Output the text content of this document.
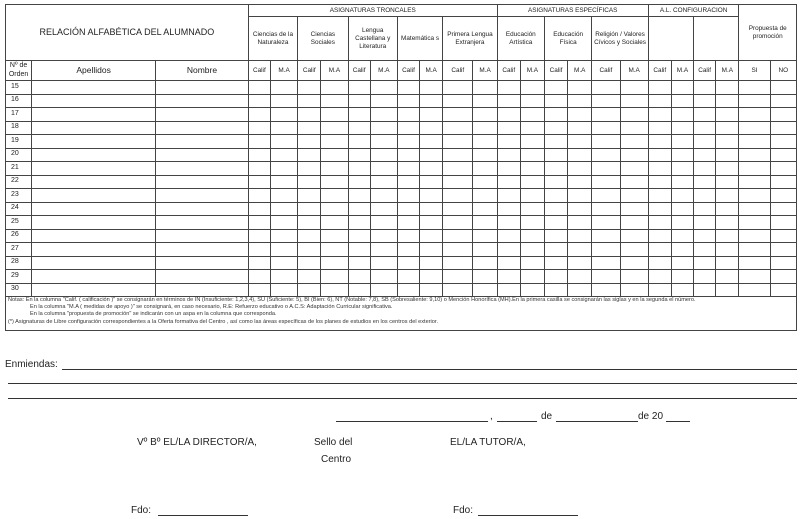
RELACIÓN ALFABÉTICA DEL ALUMNADO			ASIGNATURAS TRONCALES										ASIGNATURAS ESPECÍFICAS						A.L. CONFIGURACION				Propuesta de promoción	
			Ciencias de la Naturaleza		Ciencias Sociales		Lengua Castellana y Literatura		Matemática s		Primera Lengua Extranjera		Educación Artística		Educación Física		Religión / Valores Cívicos y Sociales							
Nº de Orden	Apellidos	Nombre	Calif	M.A	Calif	M.A	Calif	M.A	Calif	M.A	Calif	M.A	Calif	M.A	Calif	M.A	Calif	M.A	Calif	M.A	Calif	M.A	SI	NO
15																								
16																								
17																								
18																								
19																								
20																								
21																								
22																								
23																								
24																								
25																								
26																								
27																								
28																								
29																								
30																								
Notas: En la columna "Calif. ( calificación )" se consignarán en términos de IN (Insuficiente: 1,2,3,4), SU (Suficiente: 5), BI (Bien: 6), NT (Notable: 7,8), SB (Sobresaliente: 9,10) o Mención Honorífica (MH).En la primera casilla se consignarán las siglas y en la segunda el número.
En la columna "M.A ( medidas de apoyo )" se consignará, en caso necesario, R.E: Refuerzo educativo o A.C.S: Adaptación Curricular significativa.
En la columna "propuesta de promoción" se indicarán con un aspa en la columna que corresponda.
(*) Asignaturas de Libre configuración correspondientes a la Oferta formativa del Centro , así como las áreas específicas de los planes de estudios en los centros del exterior.
Enmiendas:
,	de	de 20
Vº Bº EL/LA DIRECTOR/A,	Sello del
Centro
EL/LA TUTOR/A,
Fdo:	Fdo:
